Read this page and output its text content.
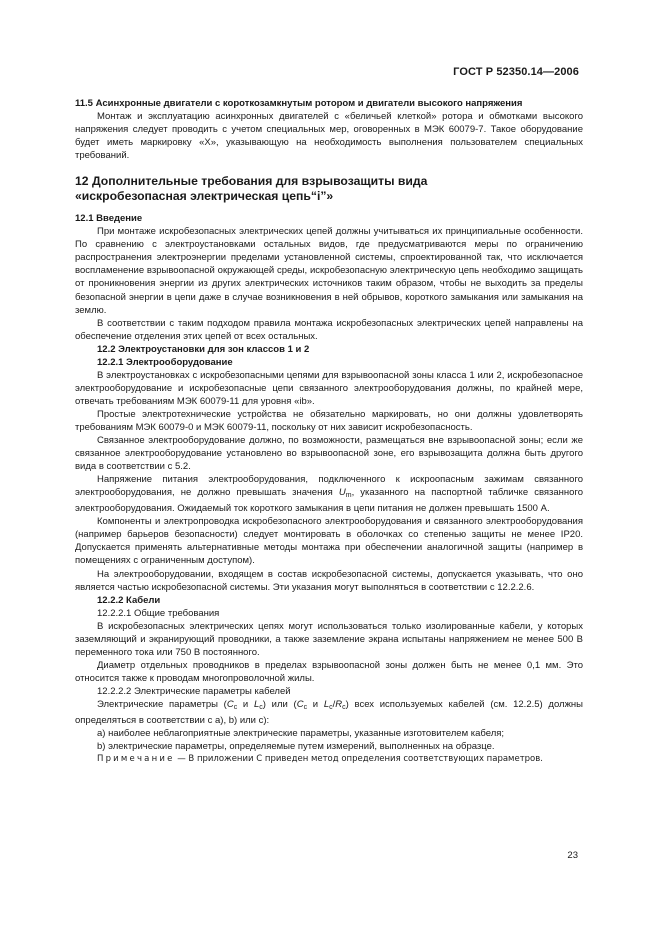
ГОСТ Р 52350.14—2006

11.5 Асинхронные двигатели с короткозамкнутым ротором и двигатели высокого напряжения

Монтаж и эксплуатацию асинхронных двигателей с «беличьей клеткой» ротора и обмотками высокого напряжения следует проводить с учетом специальных мер, оговоренных в МЭК 60079-7. Такое оборудование будет иметь маркировку «Х», указывающую на необходимость выполнения пользователем специальных требований.

12 Дополнительные требования для взрывозащиты вида
«искробезопасная электрическая цепь“i”»

12.1 Введение

При монтаже искробезопасных электрических цепей должны учитываться их принципиальные особенности. По сравнению с электроустановками остальных видов, где предусматриваются меры по ограничению распространения электроэнергии пределами установленной системы, спроектированной так, что исключается воспламенение взрывоопасной окружающей среды, искробезопасную электрическую цепь необходимо защищать от проникновения энергии из других электрических источников таким образом, чтобы не выходить за пределы безопасной энергии в цепи даже в случае возникновения в ней обрывов, короткого замыкания или замыкания на землю.

В соответствии с таким подходом правила монтажа искробезопасных электрических цепей направлены на обеспечение отделения этих цепей от всех остальных.

12.2 Электроустановки для зон классов 1 и 2

12.2.1 Электрооборудование

В электроустановках с искробезопасными цепями для взрывоопасной зоны класса 1 или 2, искробезопасное электрооборудование и искробезопасные цепи связанного электрооборудования должны, по крайней мере, отвечать требованиям МЭК 60079-11 для уровня «ib».

Простые электротехнические устройства не обязательно маркировать, но они должны удовлетворять требованиям МЭК 60079-0 и МЭК 60079-11, поскольку от них зависит искробезопасность.

Связанное электрооборудование должно, по возможности, размещаться вне взрывоопасной зоны; если же связанное электрооборудование установлено во взрывоопасной зоне, его взрывозащита должна быть другого вида в соответствии с 5.2.

Напряжение питания электрооборудования, подключенного к искроопасным зажимам связанного электрооборудования, не должно превышать значения $U_m$, указанного на паспортной табличке связанного электрооборудования. Ожидаемый ток короткого замыкания в цепи питания не должен превышать 1500 А.

Компоненты и электропроводка искробезопасного электрооборудования и связанного электрооборудования (например барьеров безопасности) следует монтировать в оболочках со степенью защиты не менее IP20. Допускается применять альтернативные методы монтажа при обеспечении аналогичной защиты (например в помещениях с ограниченным доступом).

На электрооборудовании, входящем в состав искробезопасной системы, допускается указывать, что оно является частью искробезопасной системы. Эти указания могут выполняться в соответствии с 12.2.2.6.

12.2.2 Кабели

12.2.2.1 Общие требования

В искробезопасных электрических цепях могут использоваться только изолированные кабели, у которых заземляющий и экранирующий проводники, а также заземление экрана испытаны напряжением не менее 500 В переменного тока или 750 В постоянного.

Диаметр отдельных проводников в пределах взрывоопасной зоны должен быть не менее 0,1 мм. Это относится также к проводам многопроволочной жилы.

12.2.2.2 Электрические параметры кабелей

Электрические параметры ($C_c$ и $L_c$) или ($C_c$ и $L_c/R_c$) всех используемых кабелей (см. 12.2.5) должны определяться в соответствии с а), b) или с):

a) наиболее неблагоприятные электрические параметры, указанные изготовителем кабеля;

b) электрические параметры, определяемые путем измерений, выполненных на образце.

Примечание — В приложении С приведен метод определения соответствующих параметров.

23
